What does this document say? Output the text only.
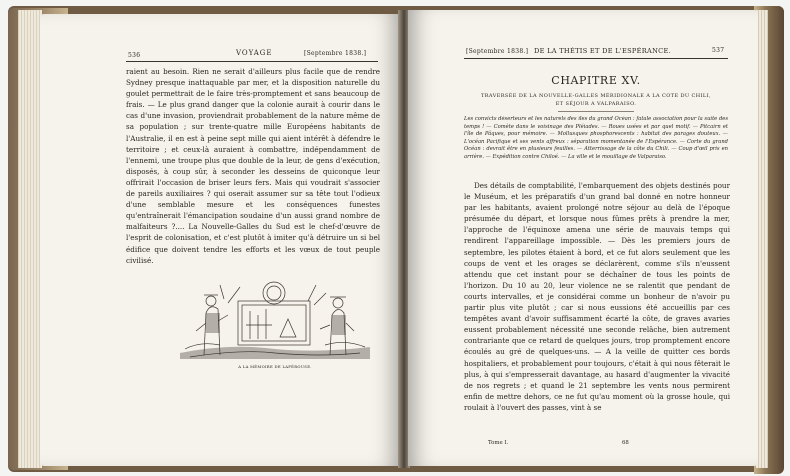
536	VOYAGE	[Septembre 1838.]

raient au besoin. Rien ne serait d'ailleurs plus facile que de rendre Sydney presque inattaquable par mer, et la disposition naturelle du goulet permettrait de le faire très-promptement et sans beaucoup de frais. — Le plus grand danger que la colonie aurait à courir dans le cas d'une invasion, proviendrait probablement de la nature même de sa population ; sur trente-quatre mille Européens habitants de l'Australie, il en est à peine sept mille qui aient intérêt à défendre le territoire ; et ceux-là auraient à combattre, indépendamment de l'ennemi, une troupe plus que double de la leur, de gens d'exécution, disposés, à coup sûr, à seconder les desseins de quiconque leur offrirait l'occasion de briser leurs fers. Mais qui voudrait s'associer de pareils auxiliaires ? qui oserait assumer sur sa tête tout l'odieux d'une semblable mesure et les conséquences funestes qu'entraînerait l'émancipation soudaine d'un aussi grand nombre de malfaiteurs ?.... La Nouvelle-Galles du Sud est le chef-d'œuvre de l'esprit de colonisation, et c'est plutôt à imiter qu'à détruire un si bel édifice que doivent tendre les efforts et les vœux de tout peuple civilisé.

A LA MÉMOIRE DE LAPÉROUSE.
[Septembre 1838.] DE LA THÉTIS ET DE L'ESPÉRANCE.	537
CHAPITRE XV.
TRAVERSÉE DE LA NOUVELLE-GALLES MÉRIDIONALE A LA COTE DU CHILI,
ET SÉJOUR A VALPARAISO.
Les convicts déserteurs et les naturels des îles du grand Océan : fatale association pour la suite des temps ! — Comète dans le voisinage des Pléiades. — Roues usées et par quel motif. — Pitcairn et l'île de Pâques, pour mémoire. — Mollusques phosphorescents : habitat des parages douteux. — L'océan Pacifique et ses vents affreux : séparation momentanée de l'Espérance. — Corte du grand Océan : devrait être en plusieurs feuilles. — Atterrissage de la côte du Chili. — Coup d'œil pris en arrière. — Expédition contre Chiloé. — La ville et le mouillage de Valparaiso.

Des détails de comptabilité, l'embarquement des objets destinés pour le Muséum, et les préparatifs d'un grand bal donné en notre honneur par les habitants, avaient prolongé notre séjour au delà de l'époque présumée du départ, et lorsque nous fûmes prêts à prendre la mer, l'approche de l'équinoxe amena une série de mauvais temps qui rendirent l'appareillage impossible. — Dès les premiers jours de septembre, les pilotes étaient à bord, et ce fut alors seulement que les coups de vent et les orages se déclarèrent, comme s'ils n'eussent attendu que cet instant pour se déchaîner de tous les points de l'horizon. Du 10 au 20, leur violence ne se ralentit que pendant de courts intervalles, et je considérai comme un bonheur de n'avoir pu partir plus vite plutôt ; car si nous eussions été accueillis par ces tempêtes avant d'avoir suffisamment écarté la côte, de graves avaries eussent probablement nécessité une seconde relâche, bien autrement contrariante que ce retard de quelques jours, trop promptement encore écoulés au gré de quelques-uns. — A la veille de quitter ces bords hospitaliers, et probablement pour toujours, c'était à qui nous fêterait le plus, à qui s'empresserait davantage, au hasard d'augmenter la vivacité de nos regrets ; et quand le 21 septembre les vents nous permirent enfin de mettre dehors, ce ne fut qu'au moment où la grosse houle, qui roulait à l'ouvert des passes, vint à se

Tome I.	68
